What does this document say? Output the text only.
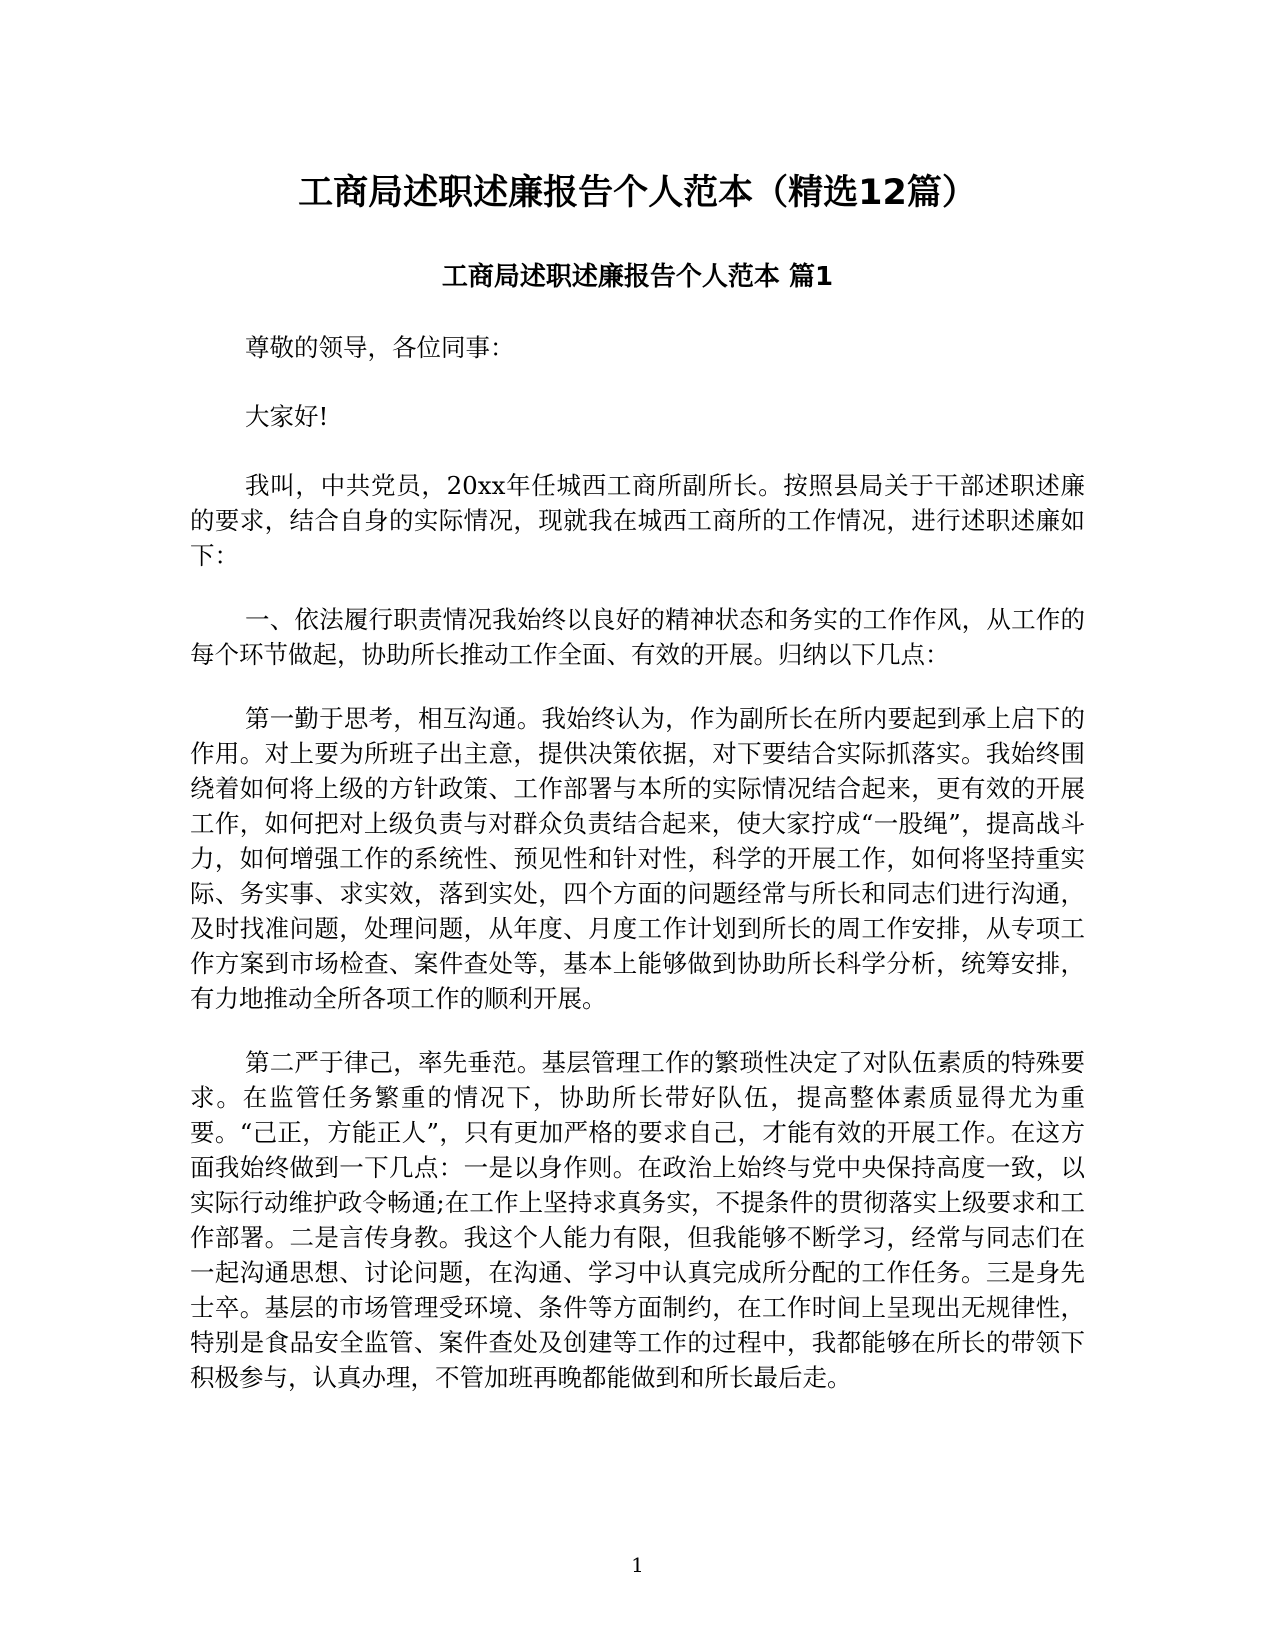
工商局述职述廉报告个人范本（精选12篇）
工商局述职述廉报告个人范本 篇1

尊敬的领导，各位同事：

大家好!

我叫，中共党员，20xx年任城西工商所副所长。按照县局关于干部述职述廉的要求，结合自身的实际情况，现就我在城西工商所的工作情况，进行述职述廉如下：

一、依法履行职责情况我始终以良好的精神状态和务实的工作作风，从工作的每个环节做起，协助所长推动工作全面、有效的开展。归纳以下几点：

第一勤于思考，相互沟通。我始终认为，作为副所长在所内要起到承上启下的作用。对上要为所班子出主意，提供决策依据，对下要结合实际抓落实。我始终围绕着如何将上级的方针政策、工作部署与本所的实际情况结合起来，更有效的开展工作，如何把对上级负责与对群众负责结合起来，使大家拧成“一股绳”，提高战斗力，如何增强工作的系统性、预见性和针对性，科学的开展工作，如何将坚持重实际、务实事、求实效，落到实处，四个方面的问题经常与所长和同志们进行沟通，及时找准问题，处理问题，从年度、月度工作计划到所长的周工作安排，从专项工作方案到市场检查、案件查处等，基本上能够做到协助所长科学分析，统筹安排，有力地推动全所各项工作的顺利开展。

第二严于律己，率先垂范。基层管理工作的繁琐性决定了对队伍素质的特殊要求。在监管任务繁重的情况下，协助所长带好队伍，提高整体素质显得尤为重要。“己正，方能正人”，只有更加严格的要求自己，才能有效的开展工作。在这方面我始终做到一下几点：一是以身作则。在政治上始终与党中央保持高度一致，以实际行动维护政令畅通;在工作上坚持求真务实，不提条件的贯彻落实上级要求和工作部署。二是言传身教。我这个人能力有限，但我能够不断学习，经常与同志们在一起沟通思想、讨论问题，在沟通、学习中认真完成所分配的工作任务。三是身先士卒。基层的市场管理受环境、条件等方面制约，在工作时间上呈现出无规律性，特别是食品安全监管、案件查处及创建等工作的过程中，我都能够在所长的带领下积极参与，认真办理，不管加班再晚都能做到和所长最后走。

1
